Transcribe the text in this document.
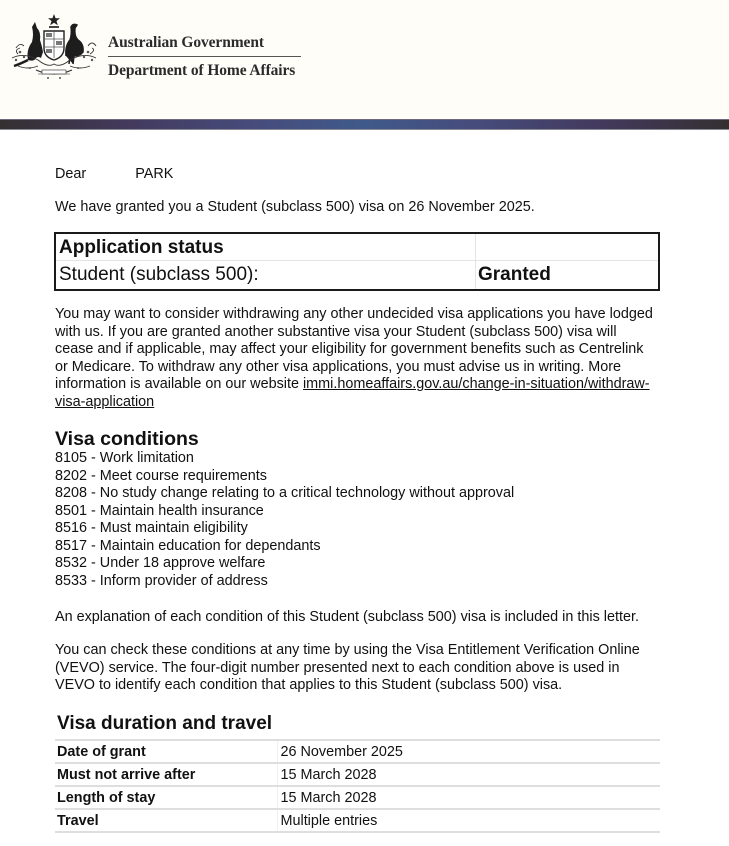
Australian Government
Department of Home Affairs
Dear	PARK
We have granted you a Student (subclass 500) visa on 26 November 2025.
Application status
Student (subclass 500):	Granted
You may want to consider withdrawing any other undecided visa applications you have lodged with us. If you are granted another substantive visa your Student (subclass 500) visa will cease and if applicable, may affect your eligibility for government benefits such as Centrelink or Medicare. To withdraw any other visa applications, you must advise us in writing. More information is available on our website immi.homeaffairs.gov.au/change-in-situation/withdraw-visa-application
Visa conditions
8105 - Work limitation
8202 - Meet course requirements
8208 - No study change relating to a critical technology without approval
8501 - Maintain health insurance
8516 - Must maintain eligibility
8517 - Maintain education for dependants
8532 - Under 18 approve welfare
8533 - Inform provider of address
An explanation of each condition of this Student (subclass 500) visa is included in this letter.
You can check these conditions at any time by using the Visa Entitlement Verification Online (VEVO) service. The four-digit number presented next to each condition above is used in VEVO to identify each condition that applies to this Student (subclass 500) visa.
Visa duration and travel
Date of grant	26 November 2025
Must not arrive after	15 March 2028
Length of stay	15 March 2028
Travel	Multiple entries
